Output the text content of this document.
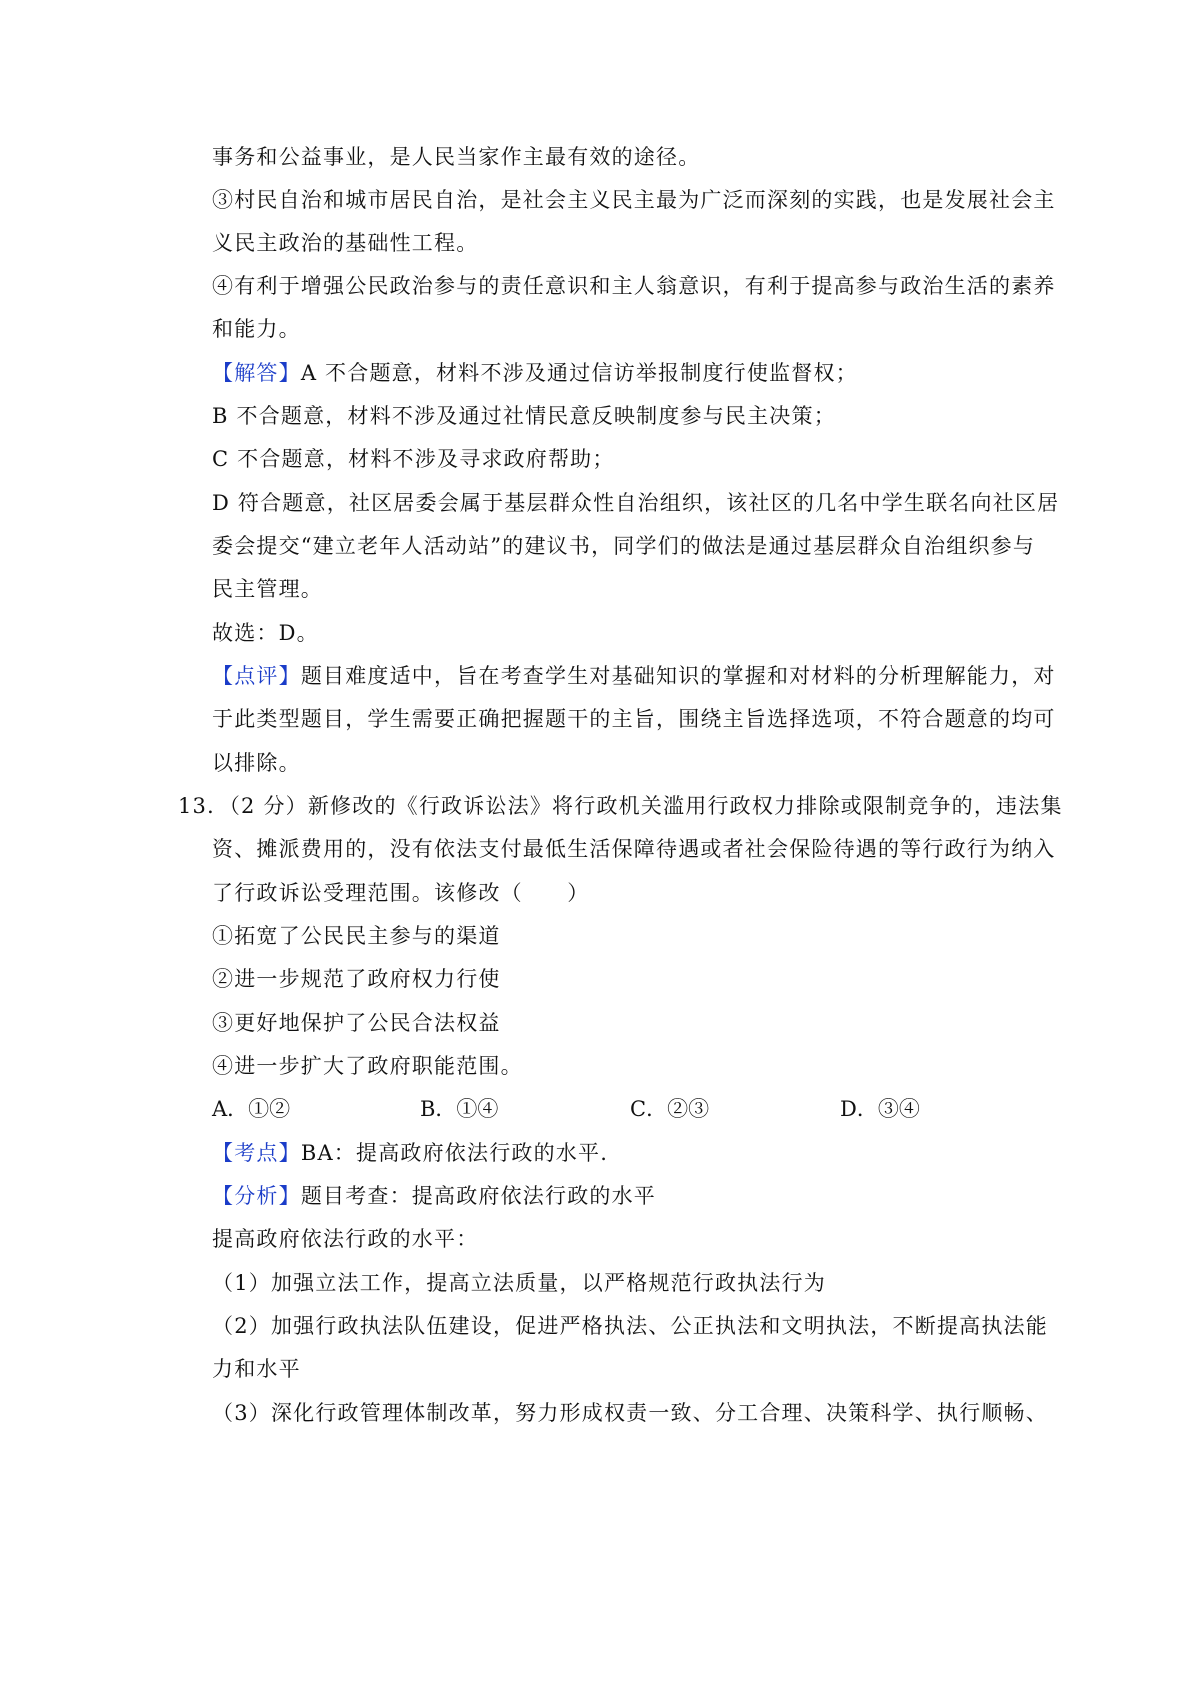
事务和公益事业，是人民当家作主最有效的途径。
③村民自治和城市居民自治，是社会主义民主最为广泛而深刻的实践，也是发展社会主
义民主政治的基础性工程。
④有利于增强公民政治参与的责任意识和主人翁意识，有利于提高参与政治生活的素养
和能力。
【解答】A 不合题意，材料不涉及通过信访举报制度行使监督权；
B 不合题意，材料不涉及通过社情民意反映制度参与民主决策；
C 不合题意，材料不涉及寻求政府帮助；
D 符合题意，社区居委会属于基层群众性自治组织，该社区的几名中学生联名向社区居
委会提交“建立老年人活动站”的建议书，同学们的做法是通过基层群众自治组织参与
民主管理。
故选：D。
【点评】题目难度适中，旨在考查学生对基础知识的掌握和对材料的分析理解能力，对
于此类型题目，学生需要正确把握题干的主旨，围绕主旨选择选项，不符合题意的均可
以排除。
13．（2 分）新修改的《行政诉讼法》将行政机关滥用行政权力排除或限制竞争的，违法集
资、摊派费用的，没有依法支付最低生活保障待遇或者社会保险待遇的等行政行为纳入
了行政诉讼受理范围。该修改（　　）
①拓宽了公民民主参与的渠道
②进一步规范了政府权力行使
③更好地保护了公民合法权益
④进一步扩大了政府职能范围。
A．①②	B．①④	C．②③	D．③④
【考点】BA：提高政府依法行政的水平.
【分析】题目考查：提高政府依法行政的水平
提高政府依法行政的水平：
（1）加强立法工作，提高立法质量，以严格规范行政执法行为
（2）加强行政执法队伍建设，促进严格执法、公正执法和文明执法，不断提高执法能
力和水平
（3）深化行政管理体制改革，努力形成权责一致、分工合理、决策科学、执行顺畅、
